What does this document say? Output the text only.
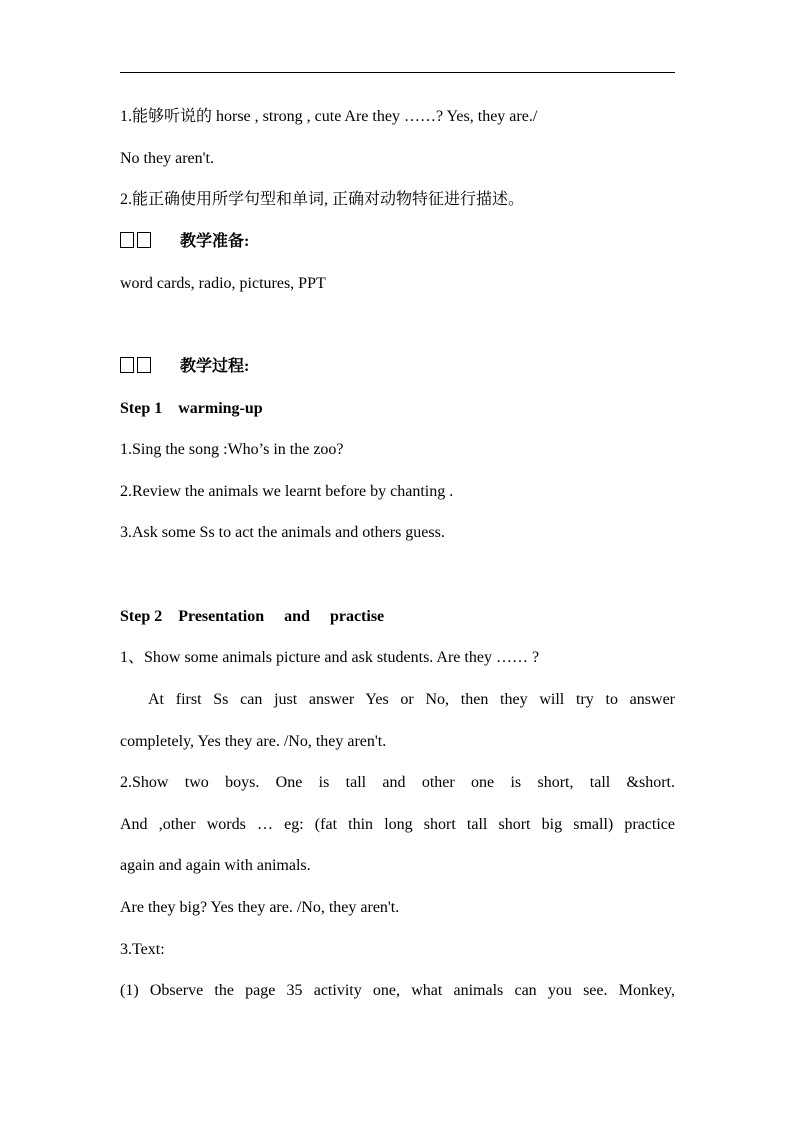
1.能够听说的 horse , strong , cute Are they ……? Yes, they are./
No they aren't.
2.能正确使用所学句型和单词, 正确对动物特征进行描述。
教学准备:
word cards, radio, pictures, PPT
教学过程:
Step 1    warming-up
1.Sing the song :Who’s in the zoo?
2.Review the animals we learnt before by chanting .
3.Ask some Ss to act the animals and others guess.
Step 2    Presentation     and     practise
1、Show some animals picture and ask students. Are they …… ?
At first Ss can just answer Yes or No, then they will try to answer
completely, Yes they are. /No, they aren't.
2.Show two boys. One is tall and other one is short, tall &short.
And ,other words … eg: (fat thin long short tall short big small) practice
again and again with animals.
Are they big? Yes they are. /No, they aren't.
3.Text:
(1) Observe the page 35 activity one, what animals can you see. Monkey,
